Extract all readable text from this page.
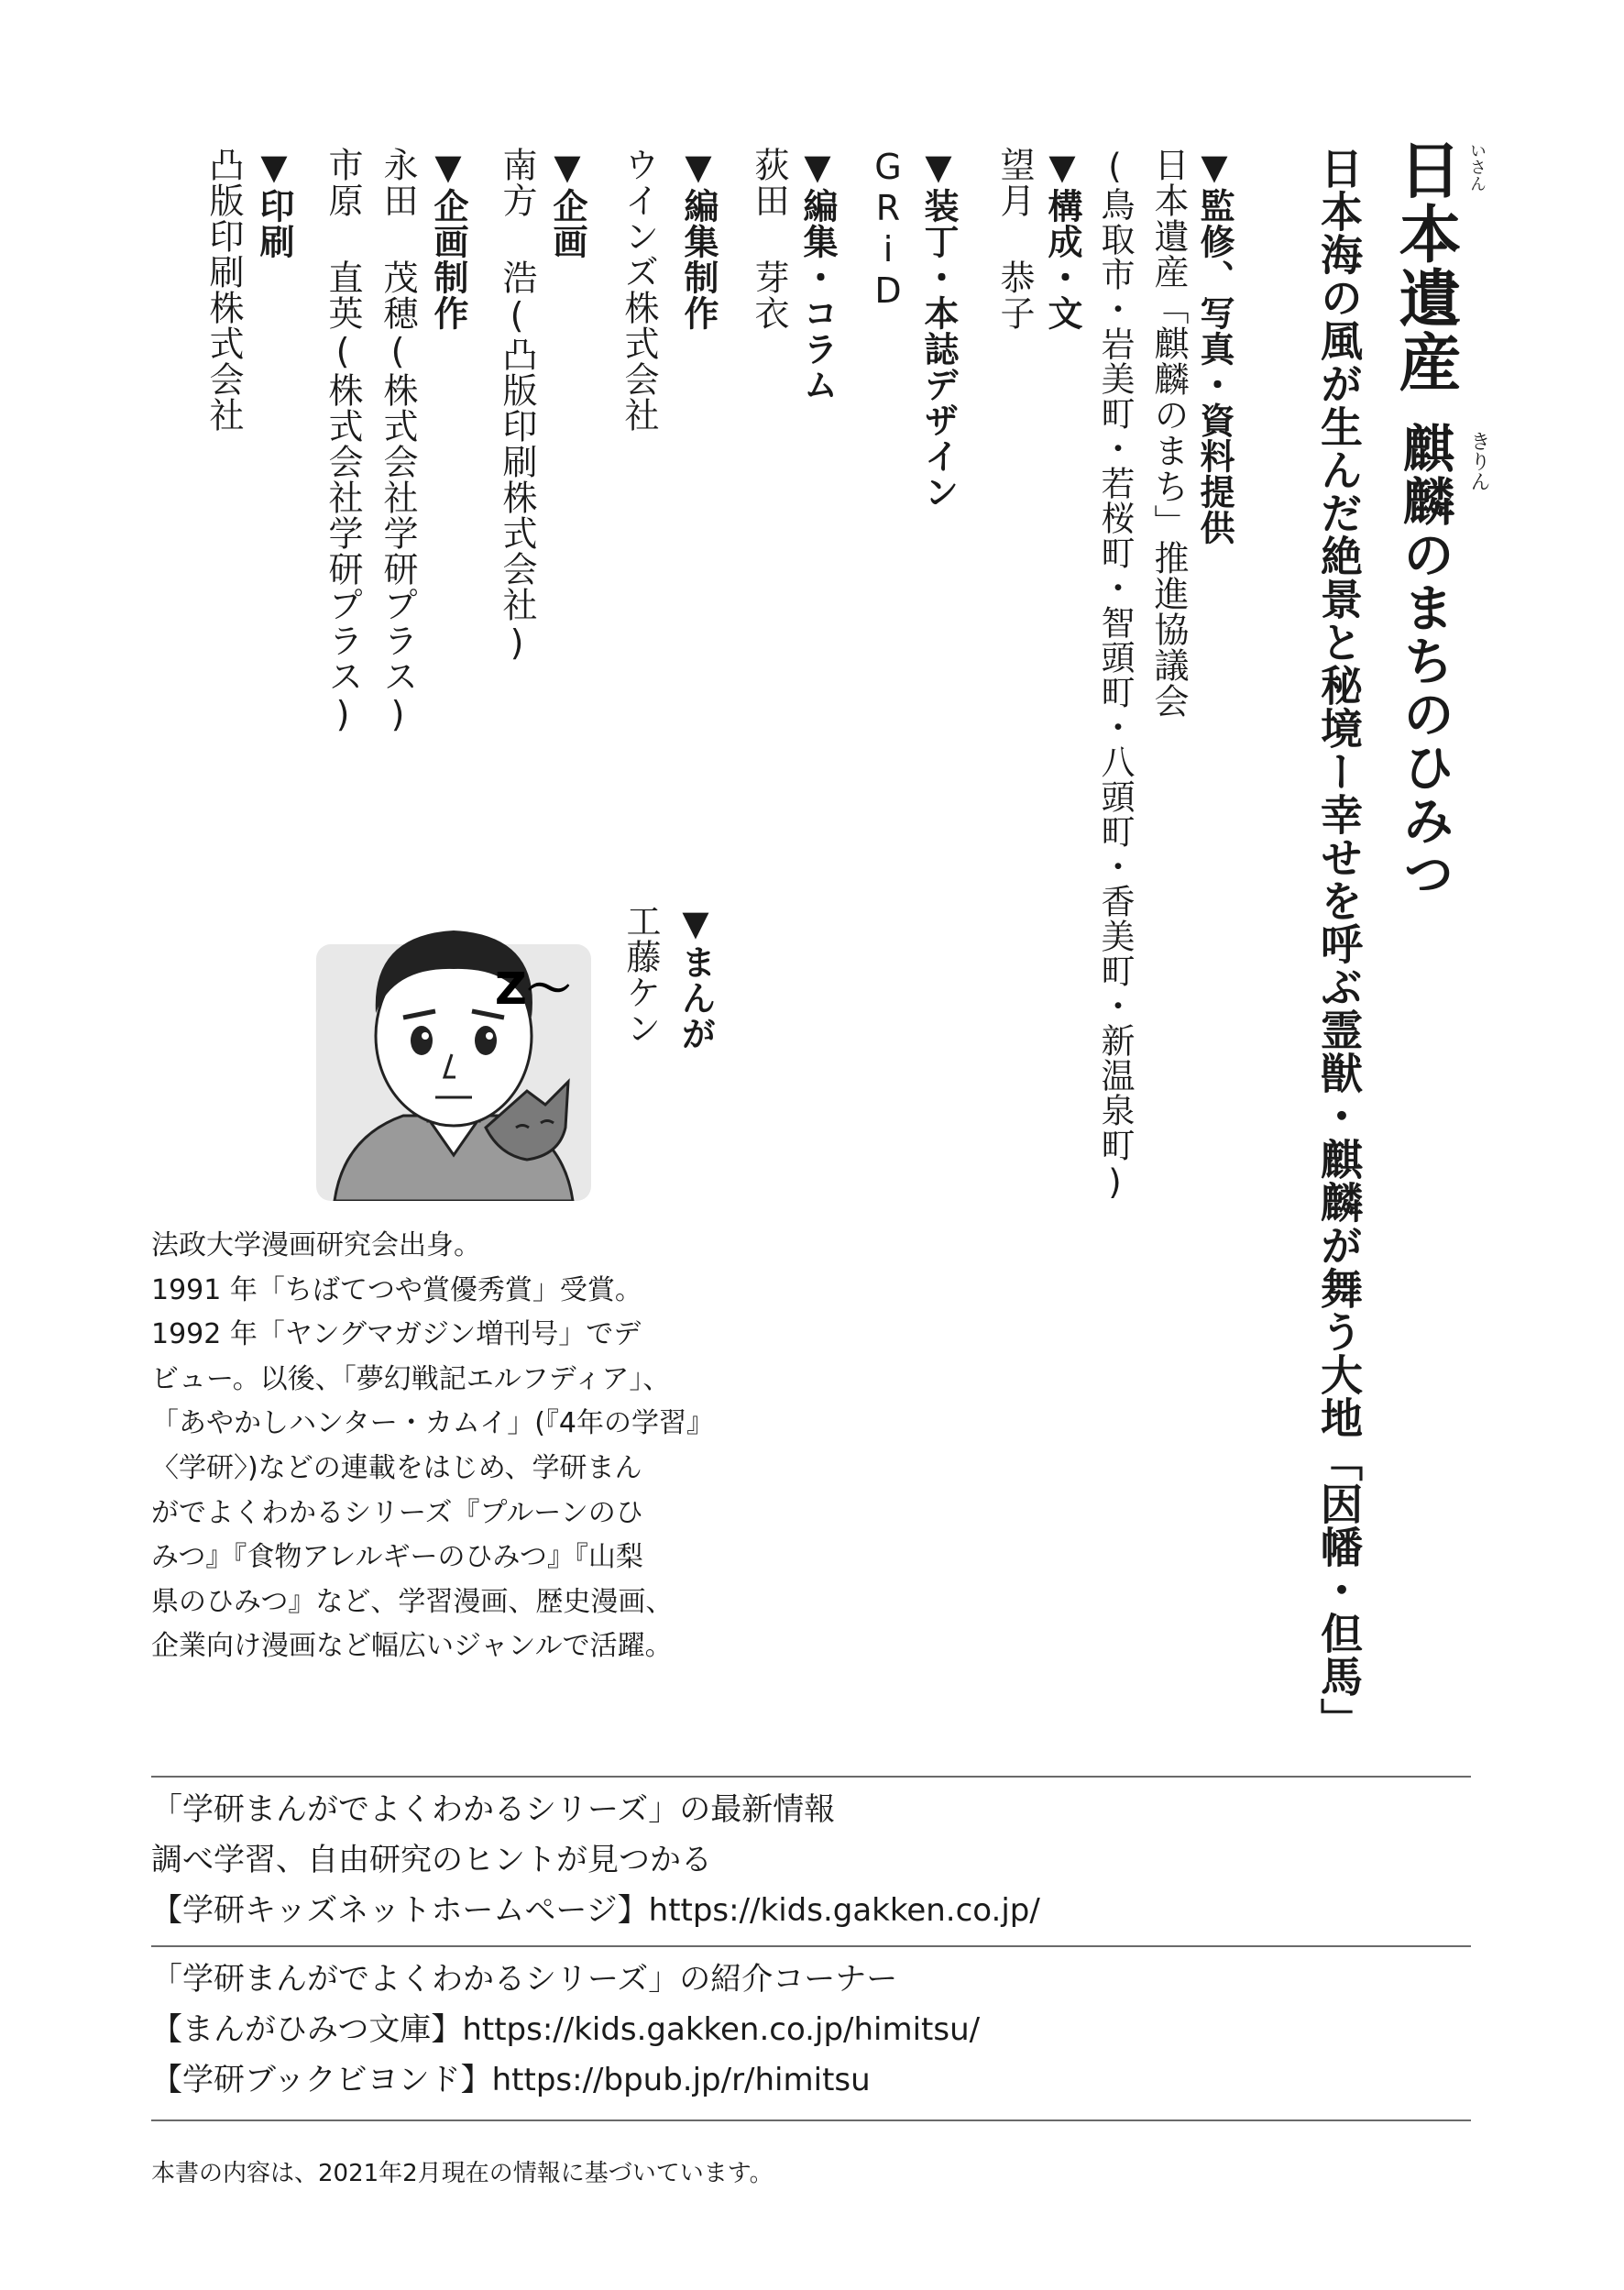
日本遺産麒麟のまちのひみつ
いさん
きりん
日本海の風が生んだ絶景と秘境ー幸せを呼ぶ霊獣・麒麟が舞う大地「因幡・但馬」
▼監修、写真・資料提供
日本遺産「麒麟のまち」推進協議会
(鳥取市・岩美町・若桜町・智頭町・八頭町・香美町・新温泉町)
▼構成・文
望月 恭子
▼装丁・本誌デザイン
GRiD
▼編集・コラム
荻田 芽衣
▼編集制作
ウインズ株式会社
▼企画
南方 浩(凸版印刷株式会社)
▼企画制作
永田 茂穂(株式会社学研プラス)
市原 直英(株式会社学研プラス)
▼印刷
凸版印刷株式会社
▼まんが
工藤ケン
Z〜

法政大学漫画研究会出身。

1991 年「ちばてつや賞優秀賞」受賞。

1992 年「ヤングマガジン増刊号」でデ

ビュー。以後、「夢幻戦記エルフディア」、

「あやかしハンター・カムイ」(『4年の学習』

〈学研〉)などの連載をはじめ、学研まん

がでよくわかるシリーズ『プルーンのひ

みつ』『食物アレルギーのひみつ』『山梨

県のひみつ』など、学習漫画、歴史漫画、

企業向け漫画など幅広いジャンルで活躍。

「学研まんがでよくわかるシリーズ」の最新情報
調べ学習、自由研究のヒントが見つかる
【学研キッズネットホームページ】https://kids.gakken.co.jp/
「学研まんがでよくわかるシリーズ」の紹介コーナー
【まんがひみつ文庫】https://kids.gakken.co.jp/himitsu/
【学研ブックビヨンド】https://bpub.jp/r/himitsu
本書の内容は、2021年2月現在の情報に基づいています。
